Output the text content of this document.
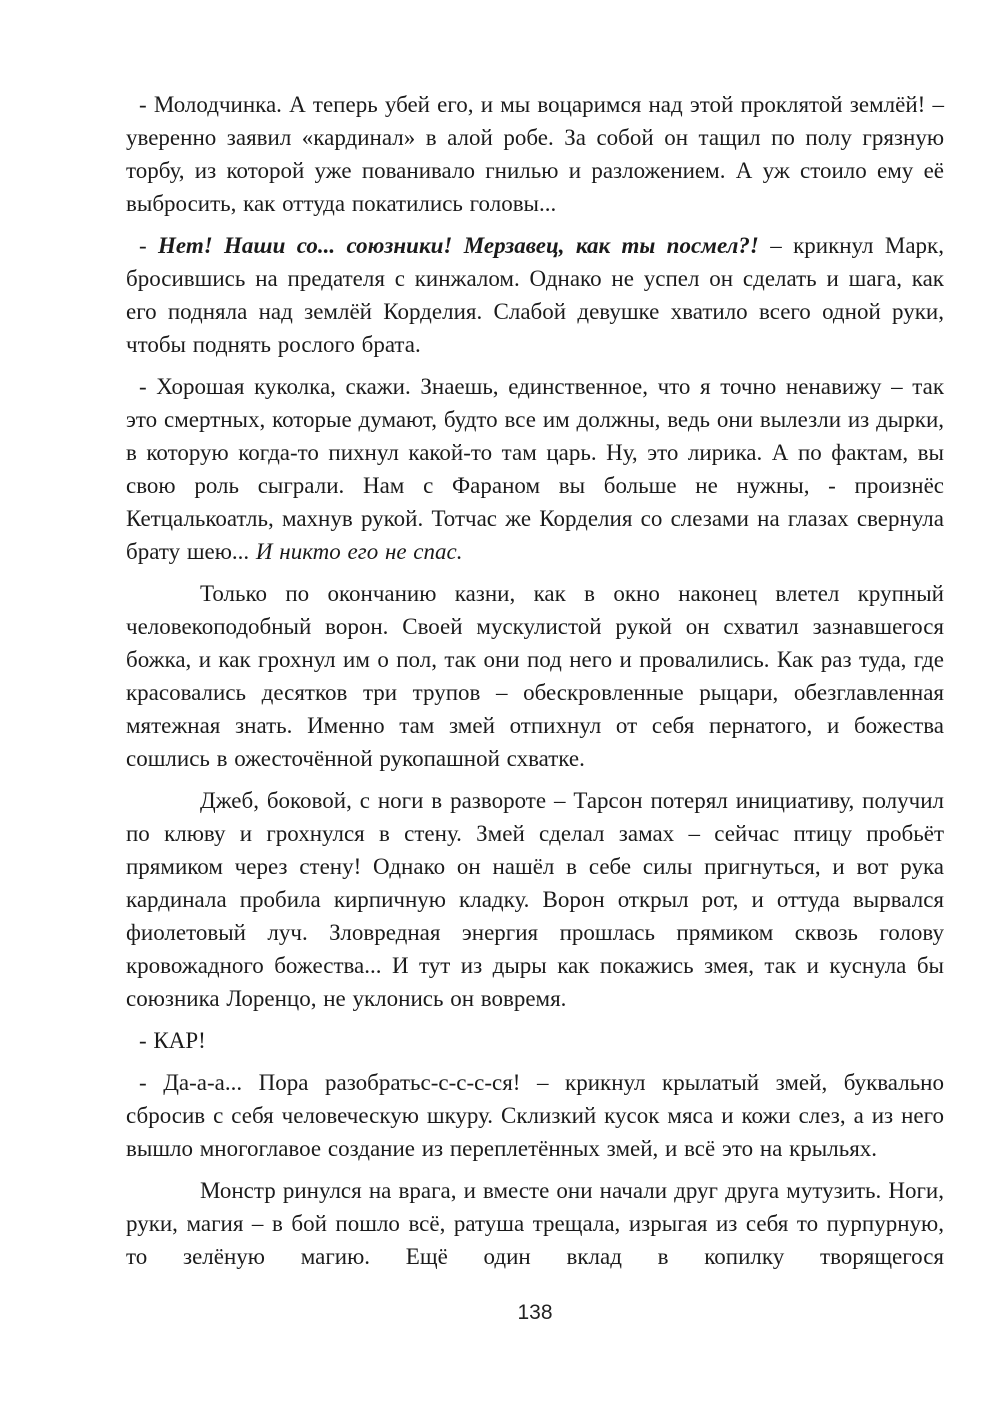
- Молодчинка. А теперь убей его, и мы воцаримся над этой проклятой землёй! – уверенно заявил «кардинал» в алой робе. За собой он тащил по полу грязную торбу, из которой уже пованивало гнилью и разложением. А уж стоило ему её выбросить, как оттуда покатились головы...

- Нет! Наши со... союзники! Мерзавец, как ты посмел?! – крикнул Марк, бросившись на предателя с кинжалом. Однако не успел он сделать и шага, как его подняла над землёй Корделия. Слабой девушке хватило всего одной руки, чтобы поднять рослого брата.

- Хорошая куколка, скажи. Знаешь, единственное, что я точно ненавижу – так это смертных, которые думают, будто все им должны, ведь они вылезли из дырки, в которую когда-то пихнул какой-то там царь. Ну, это лирика. А по фактам, вы свою роль сыграли. Нам с Фараном вы больше не нужны, - произнёс Кетцалькоатль, махнув рукой. Тотчас же Корделия со слезами на глазах свернула брату шею... И никто его не спас.

Только по окончанию казни, как в окно наконец влетел крупный человекоподобный ворон. Своей мускулистой рукой он схватил зазнавшегося божка, и как грохнул им о пол, так они под него и провалились. Как раз туда, где красовались десятков три трупов – обескровленные рыцари, обезглавленная мятежная знать. Именно там змей отпихнул от себя пернатого, и божества сошлись в ожесточённой рукопашной схватке.

Джеб, боковой, с ноги в развороте – Тарсон потерял инициативу, получил по клюву и грохнулся в стену. Змей сделал замах – сейчас птицу пробьёт прямиком через стену! Однако он нашёл в себе силы пригнуться, и вот рука кардинала пробила кирпичную кладку. Ворон открыл рот, и оттуда вырвался фиолетовый луч. Зловредная энергия прошлась прямиком сквозь голову кровожадного божества... И тут из дыры как покажись змея, так и куснула бы союзника Лоренцо, не уклонись он вовремя.

- КАР!

- Да-а-а... Пора разобратьс-с-с-с-ся! – крикнул крылатый змей, буквально сбросив с себя человеческую шкуру. Склизкий кусок мяса и кожи слез, а из него вышло многоглавое создание из переплетённых змей, и всё это на крыльях.

Монстр ринулся на врага, и вместе они начали друг друга мутузить. Ноги, руки, магия – в бой пошло всё, ратуша трещала, изрыгая из себя то пурпурную, то зелёную магию. Ещё один вклад в копилку творящегося

138
